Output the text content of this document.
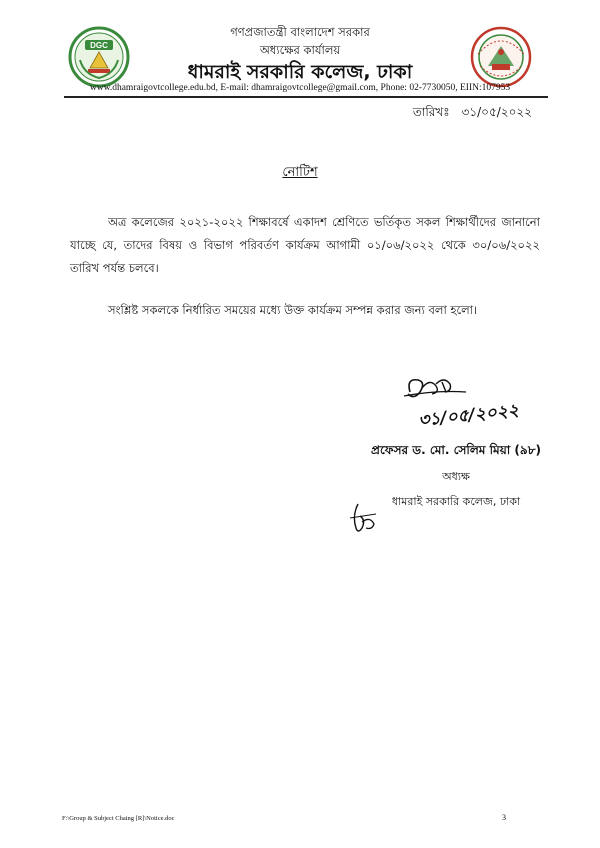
DGC
গণপ্রজাতন্ত্রী বাংলাদেশ সরকার
অধ্যক্ষের কার্যালয়
ধামরাই সরকারি কলেজ, ঢাকা
www.dhamraigovtcollege.edu.bd, E-mail: dhamraigovtcollege@gmail.com, Phone: 02-7730050, EIIN:107953
তারিখঃ ৩১/০৫/২০২২
নোটিশ
অত্র কলেজের ২০২১-২০২২ শিক্ষাবর্ষে একাদশ শ্রেণিতে ভর্তিকৃত সকল শিক্ষার্থীদের জানানো যাচ্ছে যে, তাদের বিষয় ও বিভাগ পরিবর্তণ কার্যক্রম আগামী ০১/০৬/২০২২ থেকে ৩০/০৬/২০২২ তারিখ পর্যন্ত চলবে।
সংশ্লিষ্ট সকলকে নির্ধারিত সময়ের মধ্যে উক্ত কার্যক্রম সম্পন্ন করার জন্য বলা হলো।
৩১/০৫/২০২২
প্রফেসর ড. মো. সেলিম মিয়া (৯৮)
অধ্যক্ষ
ধামরাই সরকারি কলেজ, ঢাকা
F:\Group & Subject Chaing [R]\Notice.doc	3
